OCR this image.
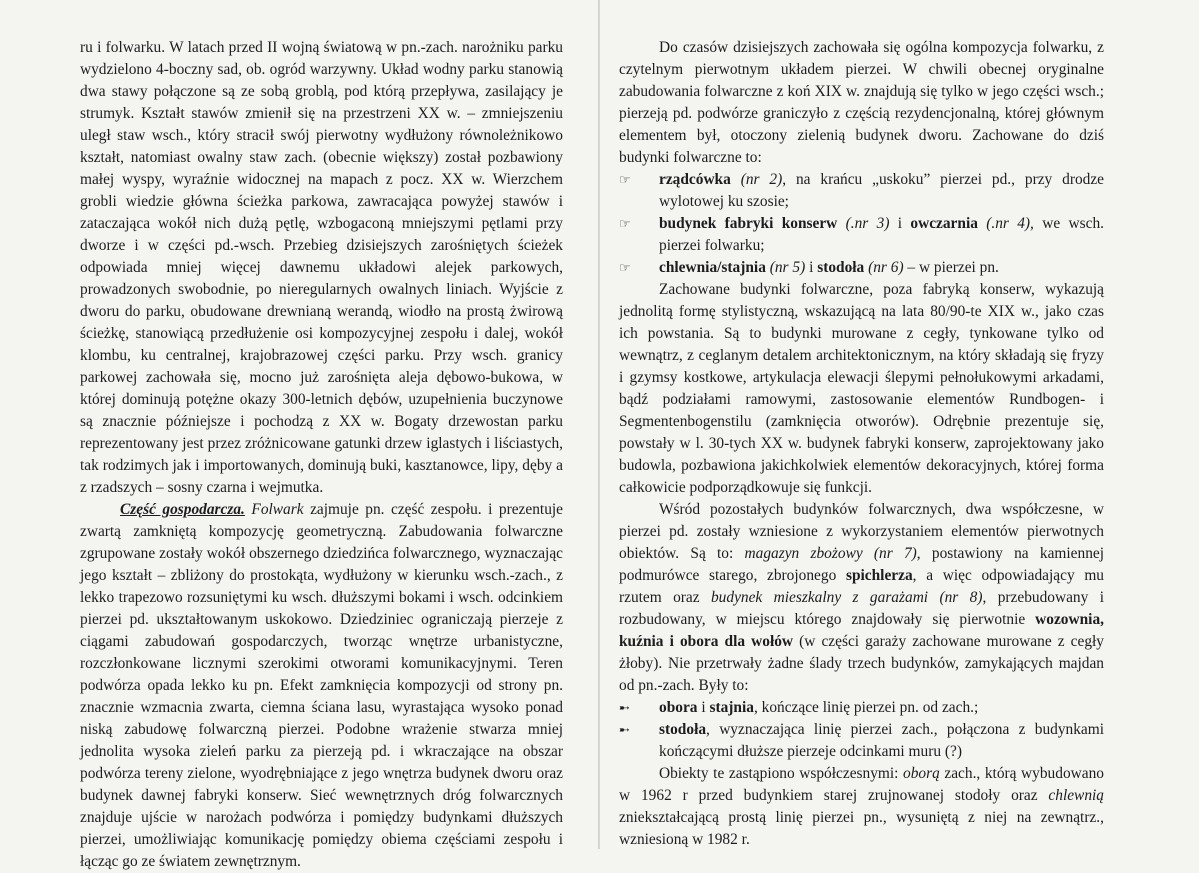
ru i folwarku. W latach przed II wojną światową w pn.-zach. narożniku parku wydzielono 4-boczny sad, ob. ogród warzywny. Układ wodny parku stanowią dwa stawy połączone są ze sobą groblą, pod którą przepływa, zasilający je strumyk. Kształt stawów zmienił się na przestrzeni XX w. – zmniejszeniu uległ staw wsch., który stracił swój pierwotny wydłużony równoleżnikowo kształt, natomiast owalny staw zach. (obecnie większy) został pozbawiony małej wyspy, wyraźnie widocznej na mapach z pocz. XX w. Wierzchem grobli wiedzie główna ścieżka parkowa, zawracająca powyżej stawów i zataczająca wokół nich dużą pętlę, wzbogaconą mniejszymi pętlami przy dworze i w części pd.-wsch. Przebieg dzisiejszych zarośniętych ścieżek odpowiada mniej więcej dawnemu układowi alejek parkowych, prowadzonych swobodnie, po nieregularnych owalnych liniach. Wyjście z dworu do parku, obudowane drewnianą werandą, wiodło na prostą żwirową ścieżkę, stanowiącą przedłużenie osi kompozycyjnej zespołu i dalej, wokół klombu, ku centralnej, krajobrazowej części parku. Przy wsch. granicy parkowej zachowała się, mocno już zarośnięta aleja dębowo-bukowa, w której dominują potężne okazy 300-letnich dębów, uzupełnienia buczynowe są znacznie późniejsze i pochodzą z XX w. Bogaty drzewostan parku reprezentowany jest przez zróżnicowane gatunki drzew iglastych i liściastych, tak rodzimych jak i importowanych, dominują buki, kasztanowce, lipy, dęby a z rzadszych – sosny czarna i wejmutka.

Część gospodarcza. Folwark zajmuje pn. część zespołu. i prezentuje zwartą zamkniętą kompozycję geometryczną. Zabudowania folwarczne zgrupowane zostały wokół obszernego dziedzińca folwarcznego, wyznaczając jego kształt – zbliżony do prostokąta, wydłużony w kierunku wsch.-zach., z lekko trapezowo rozsuniętymi ku wsch. dłuższymi bokami i wsch. odcinkiem pierzei pd. ukształtowanym uskokowo. Dziedziniec ograniczają pierzeje z ciągami zabudowań gospodarczych, tworząc wnętrze urbanistyczne, rozczłonkowane licznymi szerokimi otworami komunikacyjnymi. Teren podwórza opada lekko ku pn. Efekt zamknięcia kompozycji od strony pn. znacznie wzmacnia zwarta, ciemna ściana lasu, wyrastająca wysoko ponad niską zabudowę folwarczną pierzei. Podobne wrażenie stwarza mniej jednolita wysoka zieleń parku za pierzeją pd. i wkraczające na obszar podwórza tereny zielone, wyodrębniające z jego wnętrza budynek dworu oraz budynek dawnej fabryki konserw. Sieć wewnętrznych dróg folwarcznych znajduje ujście w narożach podwórza i pomiędzy budynkami dłuższych pierzei, umożliwiając komunikację pomiędzy obiema częściami zespołu i łącząc go ze światem zewnętrznym.

Do czasów dzisiejszych zachowała się ogólna kompozycja folwarku, z czytelnym pierwotnym układem pierzei. W chwili obecnej oryginalne zabudowania folwarczne z koń XIX w. znajdują się tylko w jego części wsch.; pierzeją pd. podwórze graniczyło z częścią rezydencjonalną, której głównym elementem był, otoczony zielenią budynek dworu. Zachowane do dziś budynki folwarczne to:

☞	rządcówka (nr 2), na krańcu „uskoku” pierzei pd., przy drodze wylotowej ku szosie;
☞	budynek fabryki konserw (.nr 3) i owczarnia (.nr 4), we wsch. pierzei folwarku;
☞	chlewnia/stajnia (nr 5) i stodoła (nr 6) – w pierzei pn.

Zachowane budynki folwarczne, poza fabryką konserw, wykazują jednolitą formę stylistyczną, wskazującą na lata 80/90-te XIX w., jako czas ich powstania. Są to budynki murowane z cegły, tynkowane tylko od wewnątrz, z ceglanym detalem architektonicznym, na który składają się fryzy i gzymsy kostkowe, artykulacja elewacji ślepymi pełnołukowymi arkadami, bądź podziałami ramowymi, zastosowanie elementów Rundbogen- i Segmentenbogenstilu (zamknięcia otworów). Odrębnie prezentuje się, powstały w l. 30-tych XX w. budynek fabryki konserw, zaprojektowany jako budowla, pozbawiona jakichkolwiek elementów dekoracyjnych, której forma całkowicie podporządkowuje się funkcji.

Wśród pozostałych budynków folwarcznych, dwa współczesne, w pierzei pd. zostały wzniesione z wykorzystaniem elementów pierwotnych obiektów. Są to: magazyn zbożowy (nr 7), postawiony na kamiennej podmurówce starego, zbrojonego spichlerza, a więc odpowiadający mu rzutem oraz budynek mieszkalny z garażami (nr 8), przebudowany i rozbudowany, w miejscu którego znajdowały się pierwotnie wozownia, kuźnia i obora dla wołów (w części garaży zachowane murowane z cegły żłoby). Nie przetrwały żadne ślady trzech budynków, zamykających majdan od pn.-zach. Były to:

➸	obora i stajnia, kończące linię pierzei pn. od zach.;
➸	stodoła, wyznaczająca linię pierzei zach., połączona z budynkami kończącymi dłuższe pierzeje odcinkami muru (?)

Obiekty te zastąpiono współczesnymi: oborą zach., którą wybudowano w 1962 r przed budynkiem starej zrujnowanej stodoły oraz chlewnią zniekształcającą prostą linię pierzei pn., wysuniętą z niej na zewnątrz., wzniesioną w 1982 r.
